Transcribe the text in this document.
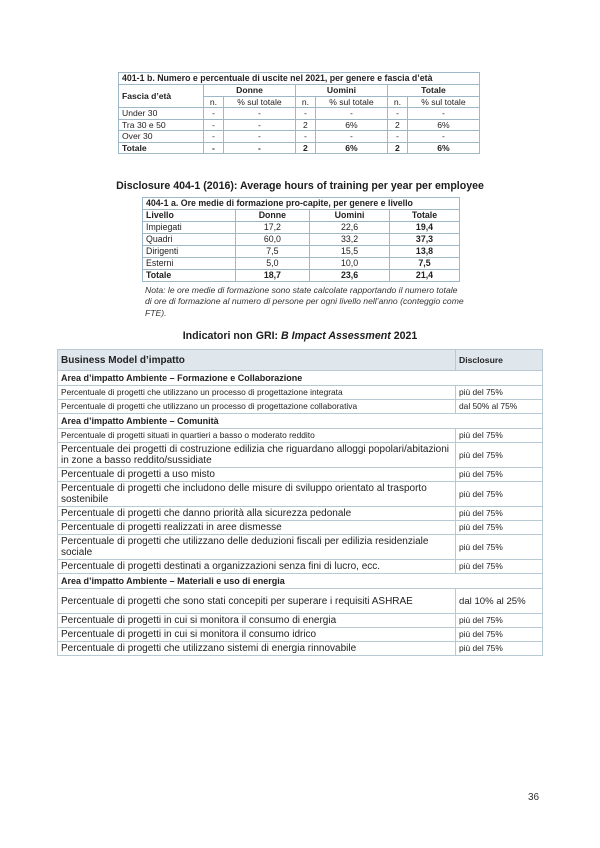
401-1 b. Numero e percentuale di uscite nel 2021, per genere e fascia d’età						
Fascia d’età	Donne		Uomini		Totale	
	n.	% sul totale	n.	% sul totale	n.	% sul totale
Under 30	-	-	-	-	-	-
Tra 30 e 50	-	-	2	6%	2	6%
Over 30	-	-	-	-	-	-
Totale	-	-	2	6%	2	6%
Disclosure 404-1 (2016): Average hours of training per year per employee
404-1 a. Ore medie di formazione pro-capite, per genere e livello			
Livello	Donne	Uomini	Totale
Impiegati	17,2	22,6	19,4
Quadri	60,0	33,2	37,3
Dirigenti	7,5	15,5	13,8
Esterni	5,0	10,0	7,5
Totale	18,7	23,6	21,4
Nota: le ore medie di formazione sono state calcolate rapportando il numero totale di ore di formazione al numero di persone per ogni livello nell’anno (conteggio come FTE).
Indicatori non GRI: B Impact Assessment 2021
Business Model d’impatto	Disclosure
Area d’impatto Ambiente – Formazione e Collaborazione	
Percentuale di progetti che utilizzano un processo di progettazione integrata	più del 75%
Percentuale di progetti che utilizzano un processo di progettazione collaborativa	dal 50% al 75%
Area d’impatto Ambiente – Comunità	
Percentuale di progetti situati in quartieri a basso o moderato reddito	più del 75%
Percentuale dei progetti di costruzione edilizia che riguardano alloggi popolari/abitazioni in zone a basso reddito/sussidiate	più del 75%
Percentuale di progetti a uso misto	più del 75%
Percentuale di progetti che includono delle misure di sviluppo orientato al trasporto sostenibile	più del 75%
Percentuale di progetti che danno priorità alla sicurezza pedonale	più del 75%
Percentuale di progetti realizzati in aree dismesse	più del 75%
Percentuale di progetti che utilizzano delle deduzioni fiscali per edilizia residenziale sociale	più del 75%
Percentuale di progetti destinati a organizzazioni senza fini di lucro, ecc.	più del 75%
Area d’impatto Ambiente – Materiali e uso di energia	
Percentuale di progetti che sono stati concepiti per superare i requisiti ASHRAE	dal 10% al 25%
Percentuale di progetti in cui si monitora il consumo di energia	più del 75%
Percentuale di progetti in cui si monitora il consumo idrico	più del 75%
Percentuale di progetti che utilizzano sistemi di energia rinnovabile	più del 75%
36
